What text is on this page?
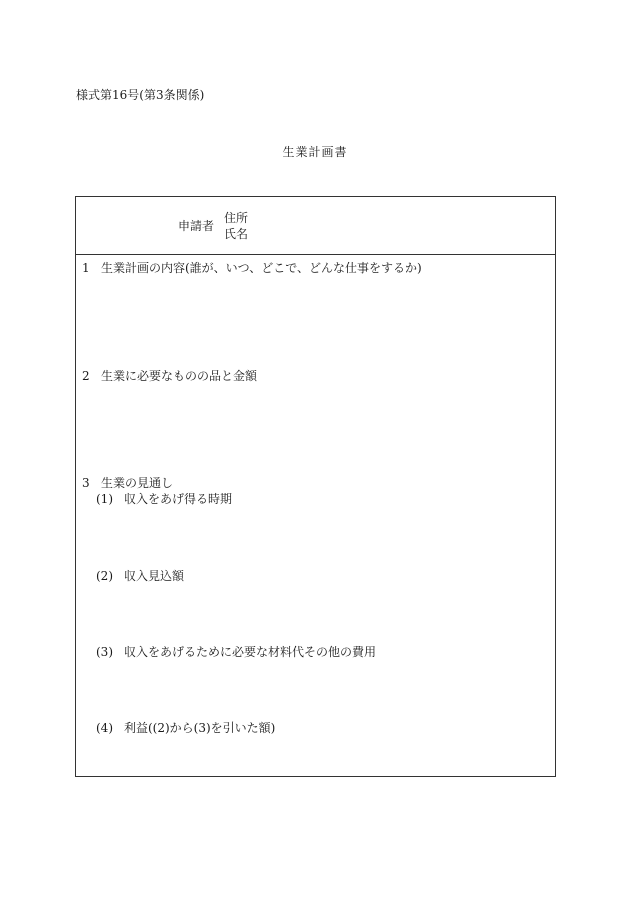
様式第16号(第3条関係)
生業計画書
申請者
住所
氏名
1 生業計画の内容(誰が、いつ、どこで、どんな仕事をするか)
2 生業に必要なものの品と金額
3 生業の見通し
(1) 収入をあげ得る時期
(2) 収入見込額
(3) 収入をあげるために必要な材料代その他の費用
(4) 利益((2)から(3)を引いた額)
